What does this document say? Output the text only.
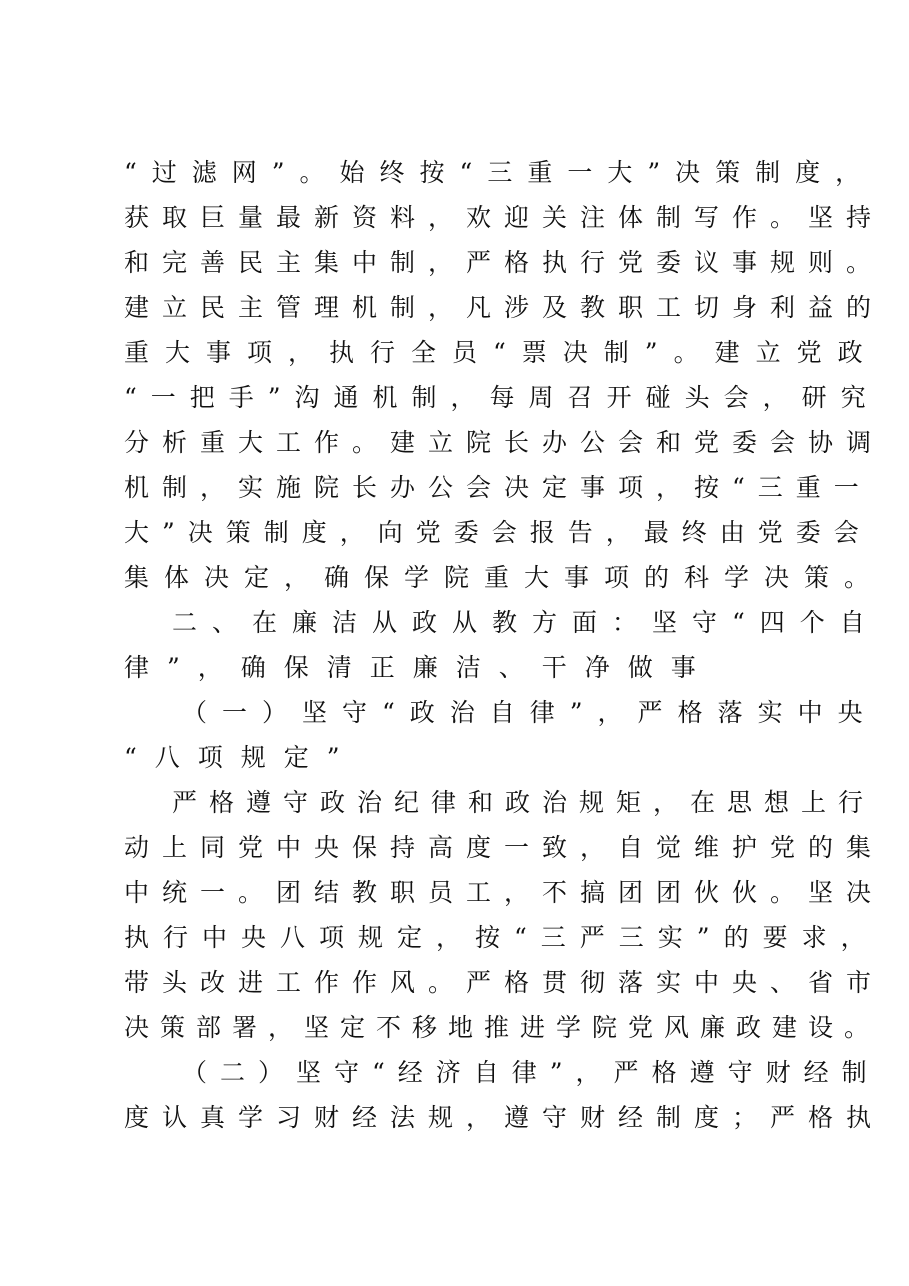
“过滤网”。始终按“三重一大”决策制度，

获取巨量最新资料，欢迎关注体制写作。坚持

和完善民主集中制，严格执行党委议事规则。

建立民主管理机制，凡涉及教职工切身利益的

重大事项，执行全员“票决制”。建立党政

“一把手”沟通机制，每周召开碰头会，研究

分析重大工作。建立院长办公会和党委会协调

机制，实施院长办公会决定事项，按“三重一

大”决策制度，向党委会报告，最终由党委会

集体决定，确保学院重大事项的科学决策。

二、在廉洁从政从教方面：坚守“四个自

律”，确保清正廉洁、干净做事

（一）坚守“政治自律”，严格落实中央

“八项规定”

严格遵守政治纪律和政治规矩，在思想上行

动上同党中央保持高度一致，自觉维护党的集

中统一。团结教职员工，不搞团团伙伙。坚决

执行中央八项规定，按“三严三实”的要求，

带头改进工作作风。严格贯彻落实中央、省市

决策部署，坚定不移地推进学院党风廉政建设。

（二）坚守“经济自律”，严格遵守财经制

度认真学习财经法规，遵守财经制度；严格执
